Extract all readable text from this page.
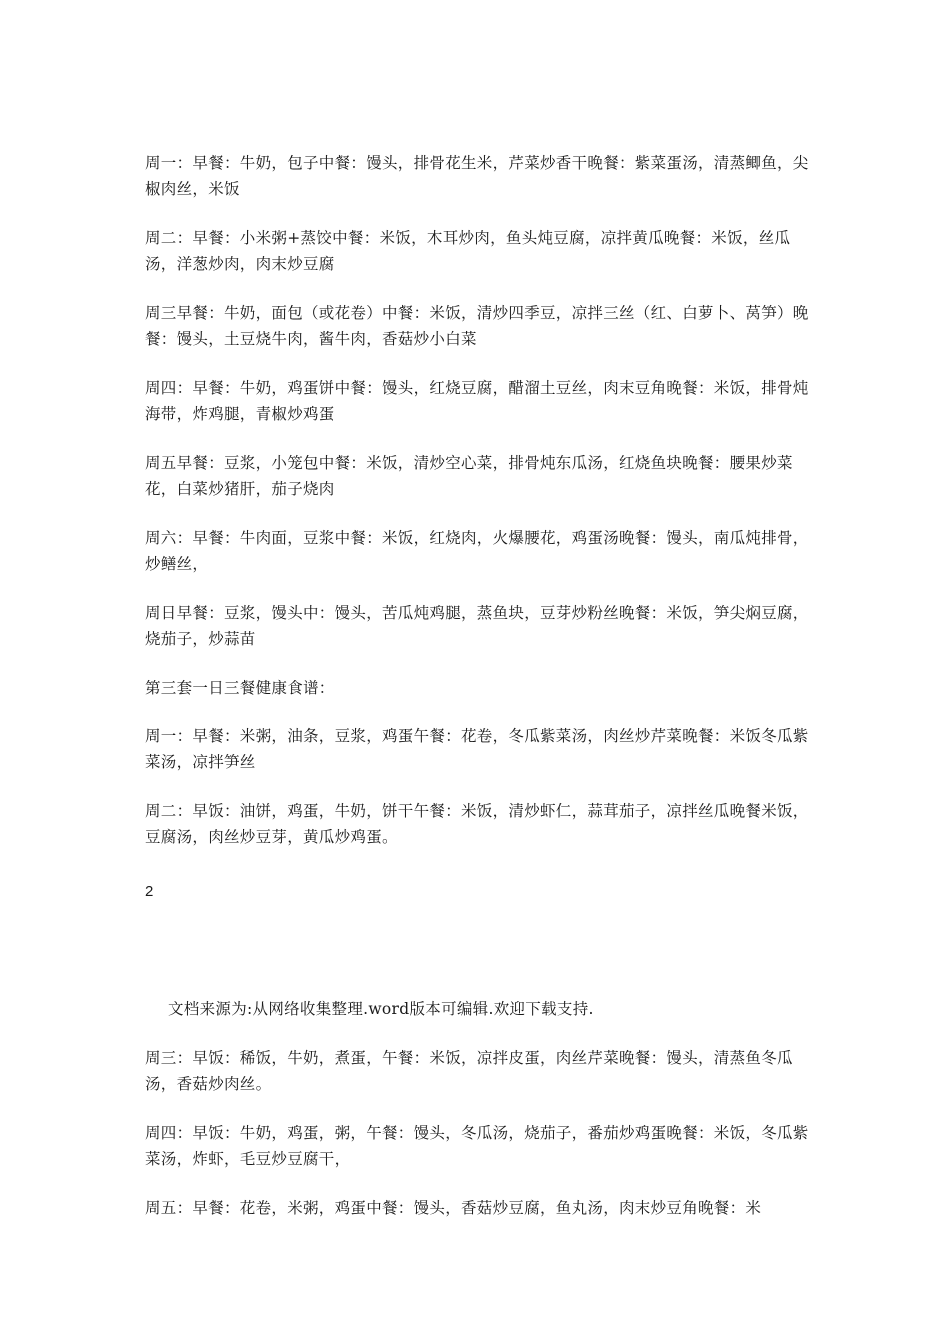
周一：早餐：牛奶，包子中餐：馒头，排骨花生米，芹菜炒香干晚餐：紫菜蛋汤，清蒸鲫鱼，尖椒肉丝，米饭

周二：早餐：小米粥+蒸饺中餐：米饭，木耳炒肉，鱼头炖豆腐，凉拌黄瓜晚餐：米饭，丝瓜汤，洋葱炒肉，肉末炒豆腐

周三早餐：牛奶，面包（或花卷）中餐：米饭，清炒四季豆，凉拌三丝（红、白萝卜、莴笋）晚餐：馒头，土豆烧牛肉，酱牛肉，香菇炒小白菜

周四：早餐：牛奶，鸡蛋饼中餐：馒头，红烧豆腐，醋溜土豆丝，肉末豆角晚餐：米饭，排骨炖海带，炸鸡腿，青椒炒鸡蛋

周五早餐：豆浆，小笼包中餐：米饭，清炒空心菜，排骨炖东瓜汤，红烧鱼块晚餐：腰果炒菜花，白菜炒猪肝，茄子烧肉

周六：早餐：牛肉面，豆浆中餐：米饭，红烧肉，火爆腰花，鸡蛋汤晚餐：馒头，南瓜炖排骨，炒鳝丝，

周日早餐：豆浆，馒头中：馒头，苦瓜炖鸡腿，蒸鱼块，豆芽炒粉丝晚餐：米饭，笋尖焖豆腐，烧茄子，炒蒜苗

第三套一日三餐健康食谱：

周一：早餐：米粥，油条，豆浆，鸡蛋午餐：花卷，冬瓜紫菜汤，肉丝炒芹菜晚餐：米饭冬瓜紫菜汤，凉拌笋丝

周二：早饭：油饼，鸡蛋，牛奶，饼干午餐：米饭，清炒虾仁，蒜茸茄子，凉拌丝瓜晚餐米饭，豆腐汤，肉丝炒豆芽，黄瓜炒鸡蛋。

2
文档来源为:从网络收集整理.word版本可编辑.欢迎下载支持.

周三：早饭：稀饭，牛奶，煮蛋，午餐：米饭，凉拌皮蛋，肉丝芹菜晚餐：馒头，清蒸鱼冬瓜汤，香菇炒肉丝。

周四：早饭：牛奶，鸡蛋，粥，午餐：馒头，冬瓜汤，烧茄子，番茄炒鸡蛋晚餐：米饭，冬瓜紫菜汤，炸虾，毛豆炒豆腐干，

周五：早餐：花卷，米粥，鸡蛋中餐：馒头，香菇炒豆腐，鱼丸汤，肉末炒豆角晚餐：米
